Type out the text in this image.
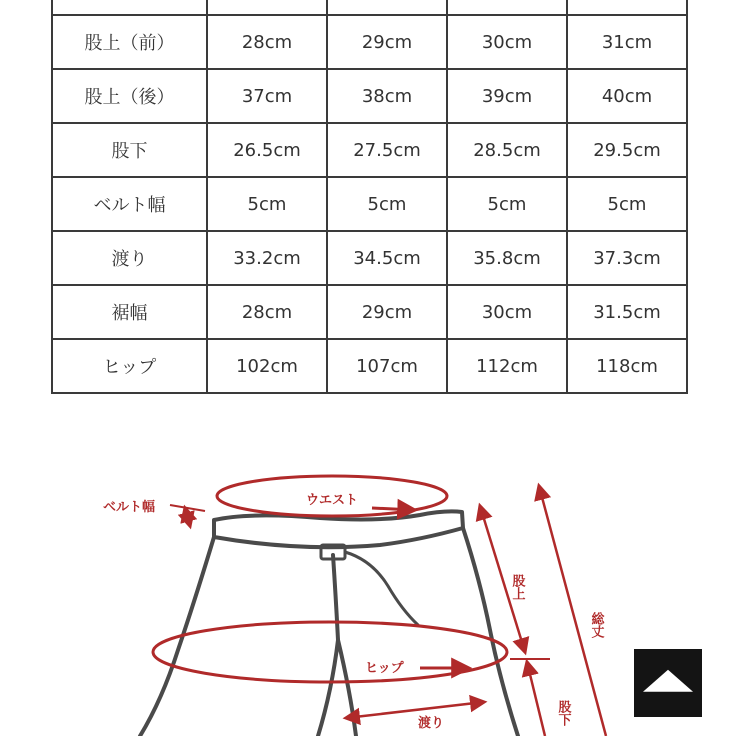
股上（前）	28cm	29cm	30cm	31cm
股上（後）	37cm	38cm	39cm	40cm
股下	26.5cm	27.5cm	28.5cm	29.5cm
ベルト幅	5cm	5cm	5cm	5cm
渡り	33.2cm	34.5cm	35.8cm	37.3cm
裾幅	28cm	29cm	30cm	31.5cm
ヒップ	102cm	107cm	112cm	118cm
ウエスト
ヒップ
ベルト幅
股上
総丈
股下
渡り
